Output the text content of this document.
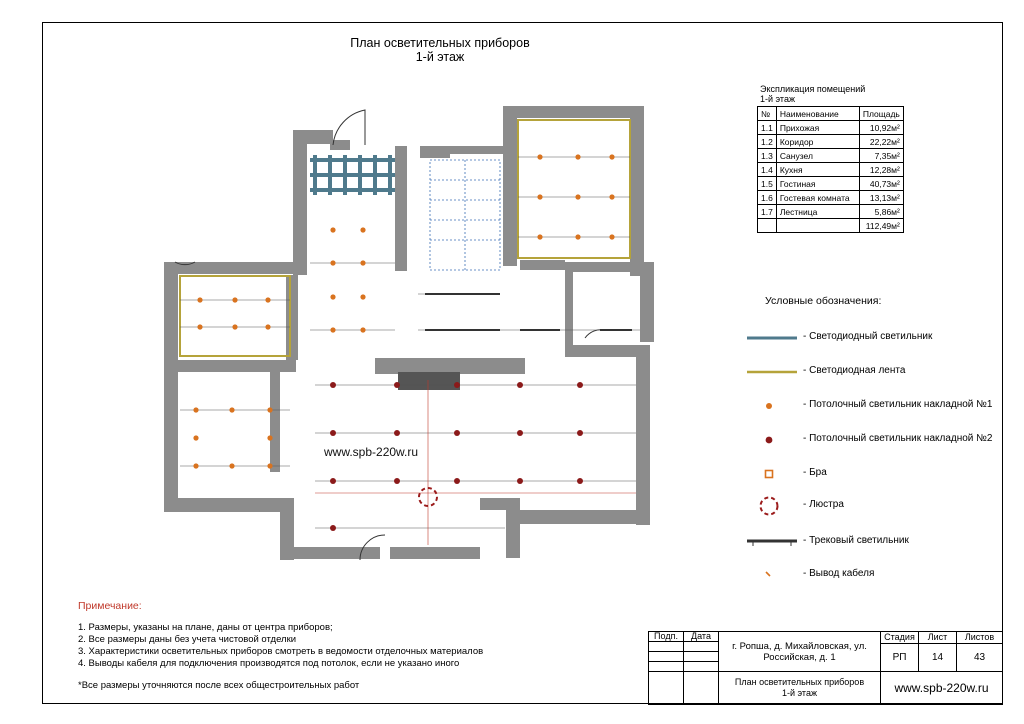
План осветительных приборов
1-й этаж
www.spb-220w.ru
Экспликация помещений
1-й этаж
№	Наименование	Площадь
1.1	Прихожая	10,92м²
1.2	Коридор	22,22м²
1.3	Санузел	7,35м²
1.4	Кухня	12,28м²
1.5	Гостиная	40,73м²
1.6	Гостевая комната	13,13м²
1.7	Лестница	5,86м²
		112,49м²
Условные обозначения:
- Светодиодный светильник
- Светодиодная лента
- Потолочный светильник накладной №1
- Потолочный светильник накладной №2
- Бра
- Люстра
- Трековый светильник
- Вывод кабеля
Примечание:
1. Размеры, указаны на плане, даны от центра приборов;
2. Все размеры даны без учета чистовой отделки
3. Характеристики осветительных приборов смотреть в ведомости отделочных материалов
4. Выводы кабеля для подключения производятся под потолок, если не указано иного
*Все размеры уточняются после всех общестроительных работ
Подп.	Дата
г. Ропша, д. Михайловская, ул. Российская, д. 1
План осветительных приборов
1-й этаж
Стадия	Лист	Листов
РП	14	43
www.spb-220w.ru
